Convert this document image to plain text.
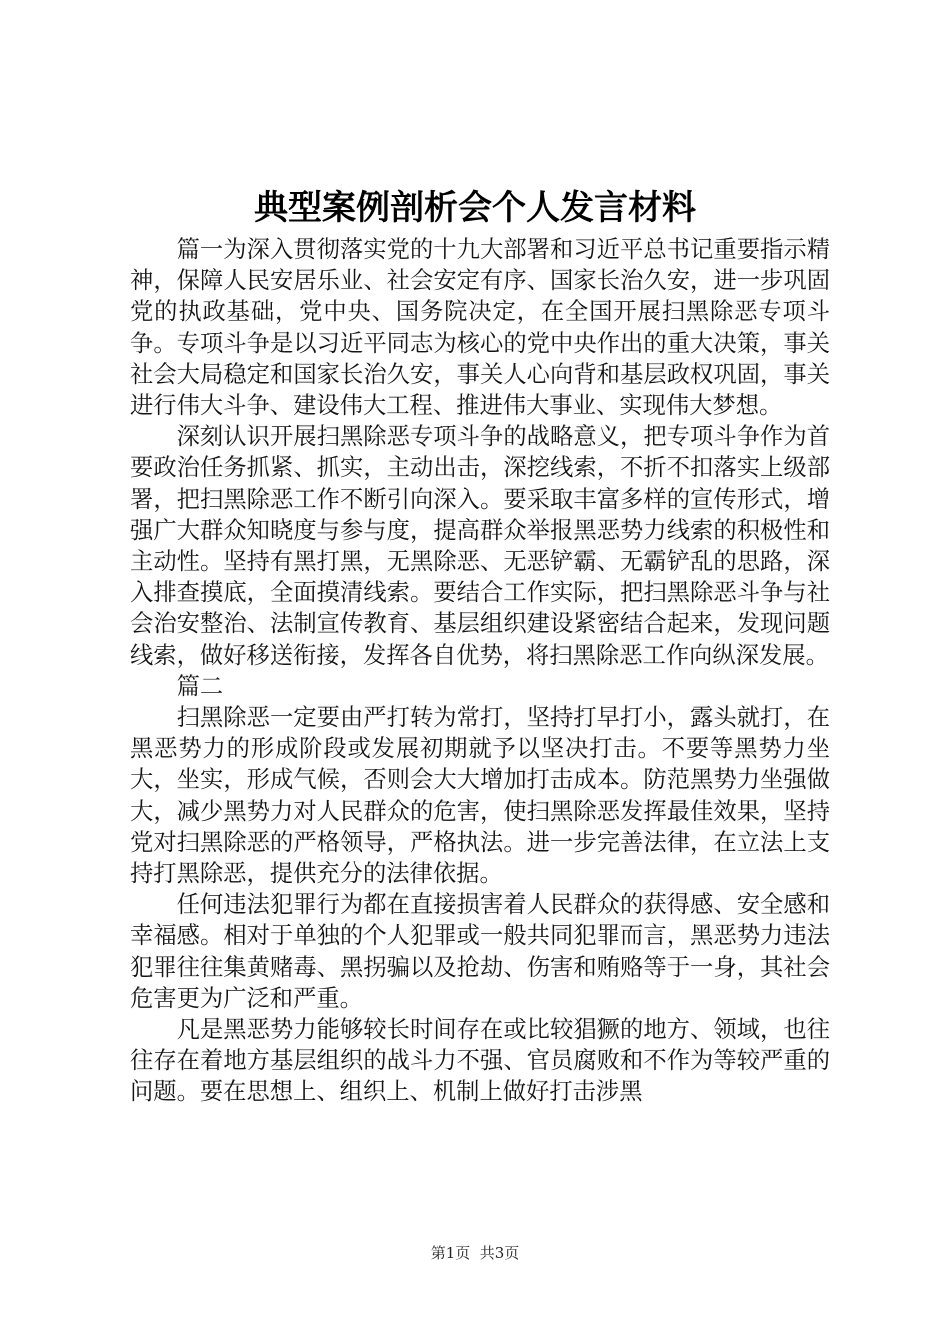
典型案例剖析会个人发言材料

篇一为深入贯彻落实党的十九大部署和习近平总书记重要指示精神，保障人民安居乐业、社会安定有序、国家长治久安，进一步巩固党的执政基础，党中央、国务院决定，在全国开展扫黑除恶专项斗争。专项斗争是以习近平同志为核心的党中央作出的重大决策，事关社会大局稳定和国家长治久安，事关人心向背和基层政权巩固，事关进行伟大斗争、建设伟大工程、推进伟大事业、实现伟大梦想。

深刻认识开展扫黑除恶专项斗争的战略意义，把专项斗争作为首要政治任务抓紧、抓实，主动出击，深挖线索，不折不扣落实上级部署，把扫黑除恶工作不断引向深入。要采取丰富多样的宣传形式，增强广大群众知晓度与参与度，提高群众举报黑恶势力线索的积极性和主动性。坚持有黑打黑，无黑除恶、无恶铲霸、无霸铲乱的思路，深入排查摸底，全面摸清线索。要结合工作实际，把扫黑除恶斗争与社会治安整治、法制宣传教育、基层组织建设紧密结合起来，发现问题线索，做好移送衔接，发挥各自优势，将扫黑除恶工作向纵深发展。

篇二

扫黑除恶一定要由严打转为常打，坚持打早打小，露头就打，在黑恶势力的形成阶段或发展初期就予以坚决打击。不要等黑势力坐大，坐实，形成气候，否则会大大增加打击成本。防范黑势力坐强做大，减少黑势力对人民群众的危害，使扫黑除恶发挥最佳效果，坚持党对扫黑除恶的严格领导，严格执法。进一步完善法律，在立法上支持打黑除恶，提供充分的法律依据。

任何违法犯罪行为都在直接损害着人民群众的获得感、安全感和幸福感。相对于单独的个人犯罪或一般共同犯罪而言，黑恶势力违法犯罪往往集黄赌毒、黑拐骗以及抢劫、伤害和贿赂等于一身，其社会危害更为广泛和严重。

凡是黑恶势力能够较长时间存在或比较猖獗的地方、领域，也往往存在着地方基层组织的战斗力不强、官员腐败和不作为等较严重的问题。要在思想上、组织上、机制上做好打击涉黑

第1页  共3页
